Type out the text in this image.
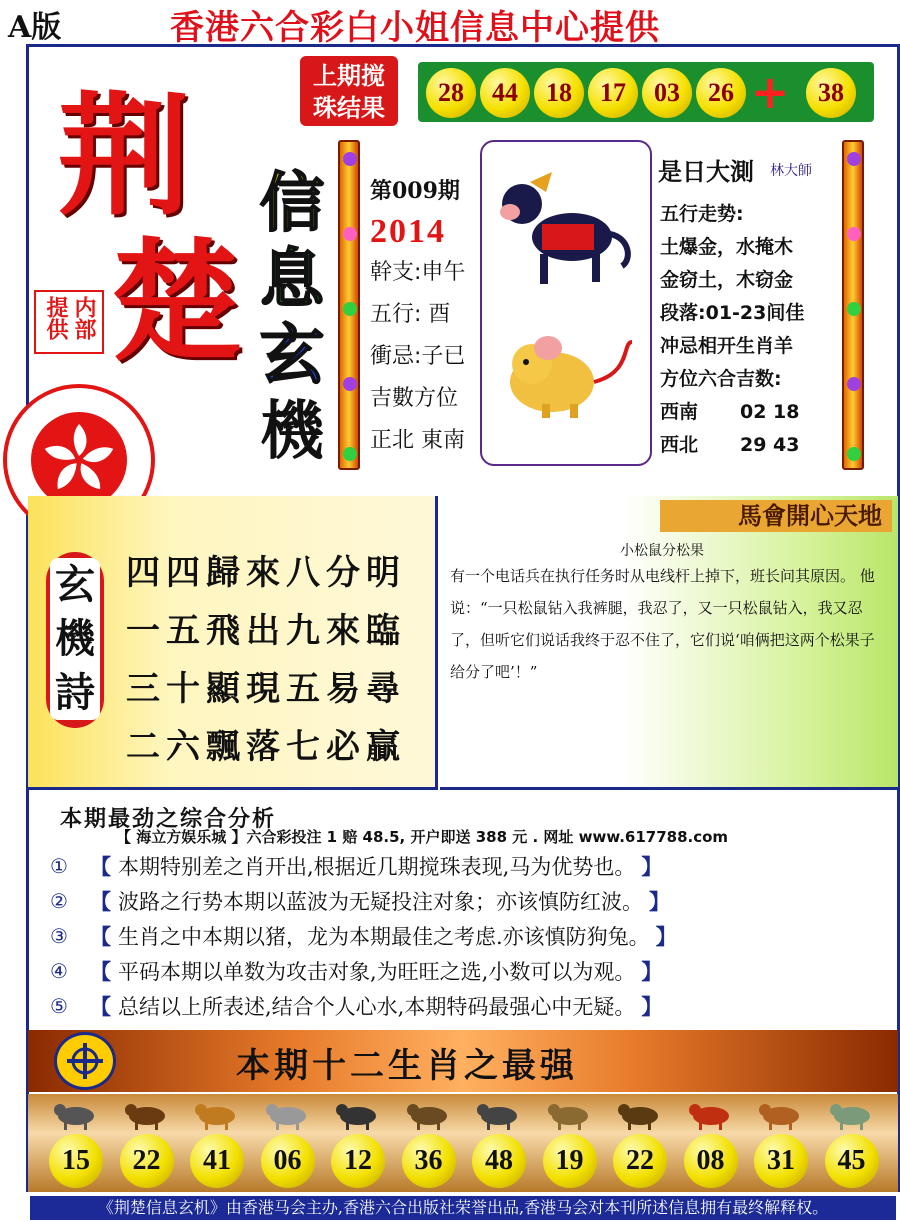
A版	香港六合彩白小姐信息中心提供
上期搅
珠结果
28	44	18	17	03	26 +	38
荆
楚
提供 内部
信
息
玄
機
第009期
2014
幹支:申午
五行: 酉
衝忌:子已
吉數方位
正北 東南
是日大測 林大師
五行走势:
土爆金，水掩木
金窃土，木窃金
段落:01-23间佳
冲忌相开生肖羊
方位六合吉数:
西南	02 18
西北	29 43
玄
機
詩
四四歸來八分明
一五飛出九來臨
三十顯現五易尋
二六飄落七必贏
馬會開心天地
小松鼠分松果
有一个电话兵在执行任务时从电线杆上掉下，班长问其原因。 他说：“一只松鼠钻入我裤腿，我忍了，又一只松鼠钻入，我又忍了，但听它们说话我终于忍不住了，它们说‘咱俩把这两个松果子给分了吧’！”
本期最劲之综合分析
【 海立方娱乐城 】六合彩投注 1 赔 48.5, 开户即送 388 元 . 网址 www.617788.com
①	【 本期特别差之肖开出,根据近几期搅珠表现,马为优势也。 】
②	【 波路之行势本期以蓝波为无疑投注对象；亦该慎防红波。 】
③	【 生肖之中本期以猪，龙为本期最佳之考虑.亦该慎防狗兔。 】
④	【 平码本期以单数为攻击对象,为旺旺之选,小数可以为观。 】
⑤	【 总结以上所表述,结合个人心水,本期特码最强心中无疑。 】
本期十二生肖之最强
15	22	41	06	12	36	48	19	22	08	31	45
《荆楚信息玄机》由香港马会主办,香港六合出版社荣誉出品,香港马会对本刊所述信息拥有最终解释权。
